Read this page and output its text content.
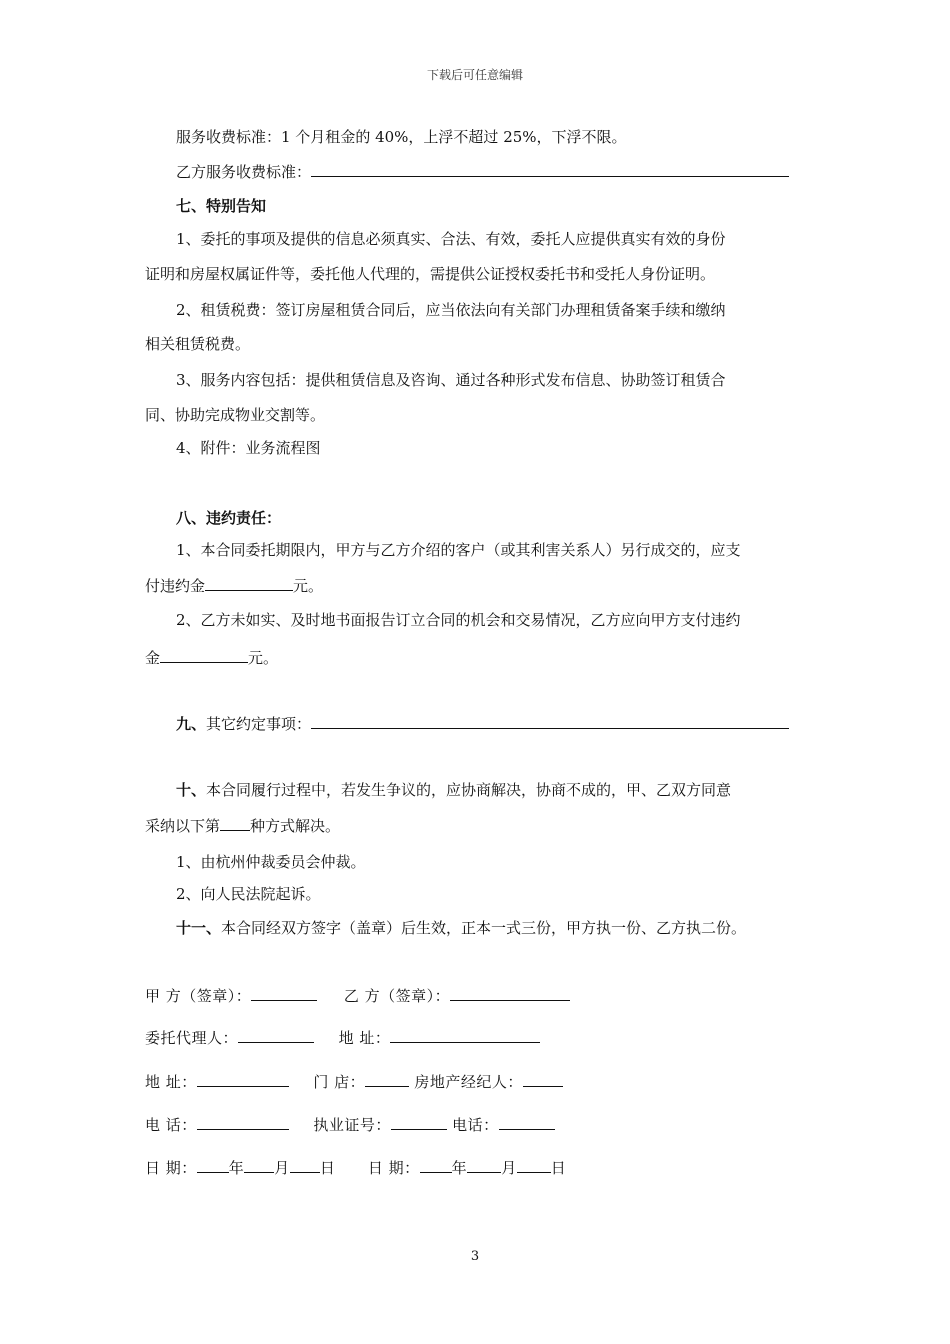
下载后可任意编辑
服务收费标准：1 个月租金的 40%，上浮不超过 25%，下浮不限。
乙方服务收费标准：
七、特别告知
1、委托的事项及提供的信息必须真实、合法、有效，委托人应提供真实有效的身份
证明和房屋权属证件等，委托他人代理的，需提供公证授权委托书和受托人身份证明。
2、租赁税费：签订房屋租赁合同后，应当依法向有关部门办理租赁备案手续和缴纳
相关租赁税费。
3、服务内容包括：提供租赁信息及咨询、通过各种形式发布信息、协助签订租赁合
同、协助完成物业交割等。
4、附件：业务流程图
八、违约责任：
1、本合同委托期限内，甲方与乙方介绍的客户（或其利害关系人）另行成交的，应支
付违约金	元。
2、乙方未如实、及时地书面报告订立合同的机会和交易情况，乙方应向甲方支付违约
金	元。
九、其它约定事项：
十、本合同履行过程中，若发生争议的，应协商解决，协商不成的，甲、乙双方同意
采纳以下第 种方式解决。
1、由杭州仲裁委员会仲裁。
2、向人民法院起诉。
十一、本合同经双方签字（盖章）后生效，正本一式三份，甲方执一份、乙方执二份。
甲 方（签章）：	乙 方（签章）：
委托代理人：	地 址：
地 址：	门 店：	房地产经纪人：
电 话：	执业证号：	电话：
日 期： 年 月 日 日 期： 年 月 日
3
